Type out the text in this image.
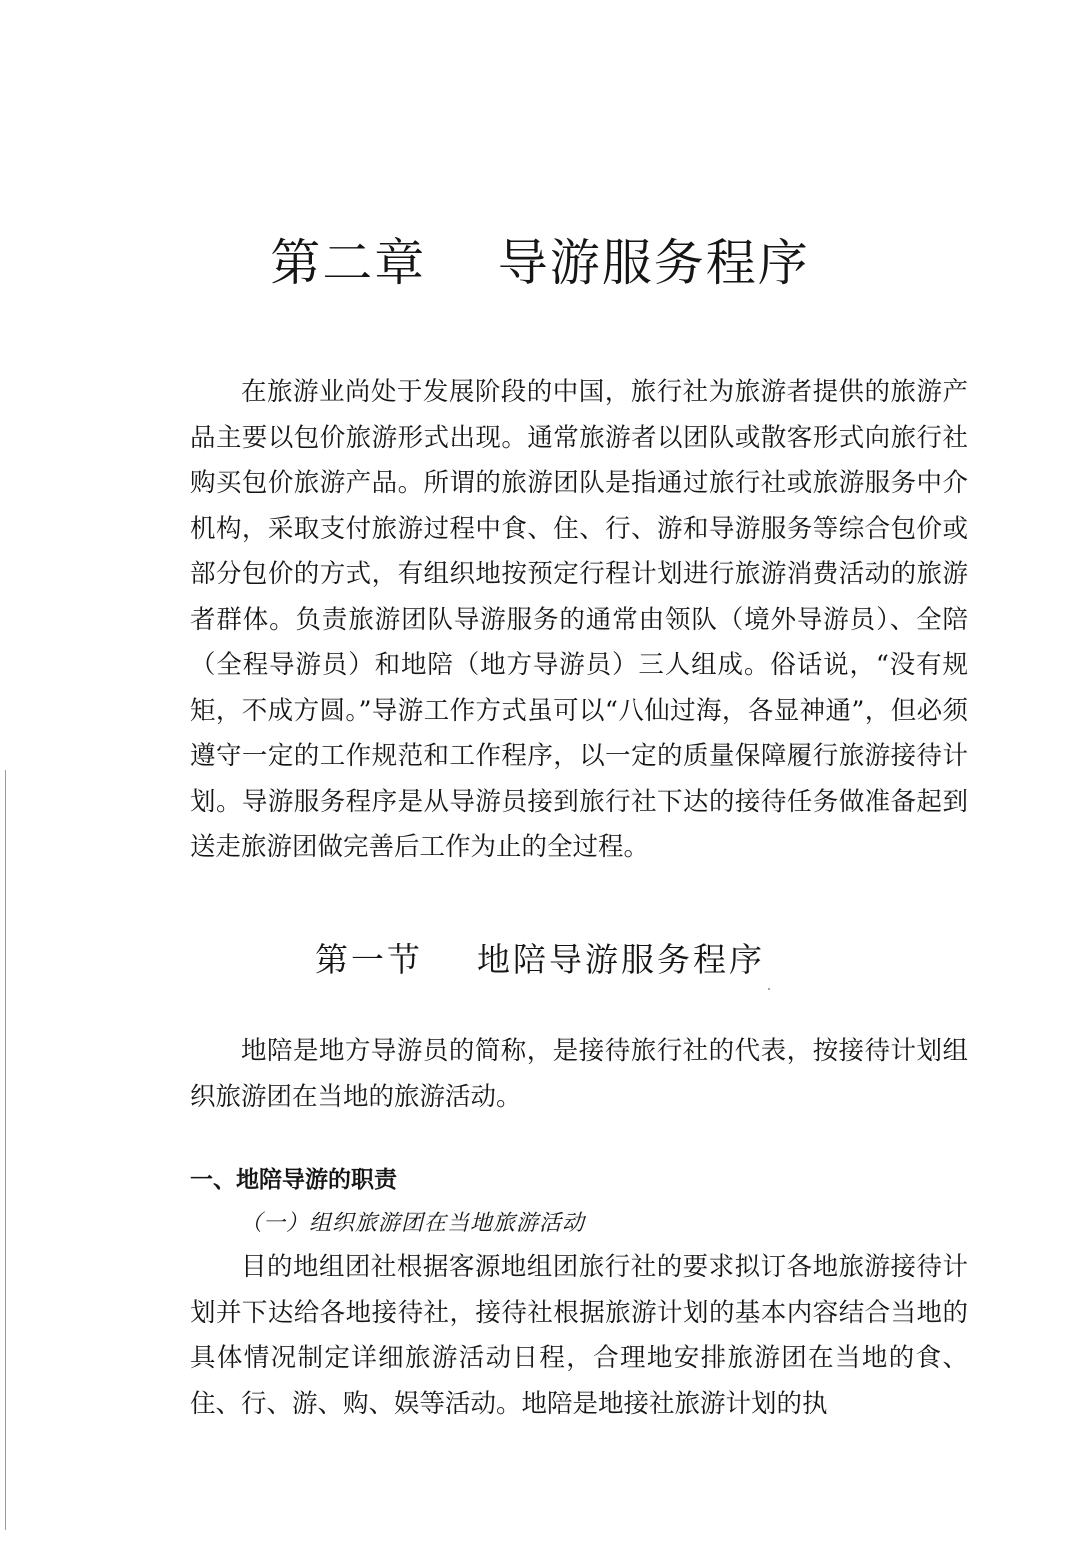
第二章    导游服务程序

在旅游业尚处于发展阶段的中国，旅行社为旅游者提供的旅游产品主要以包价旅游形式出现。通常旅游者以团队或散客形式向旅行社购买包价旅游产品。所谓的旅游团队是指通过旅行社或旅游服务中介机构，采取支付旅游过程中食、住、行、游和导游服务等综合包价或部分包价的方式，有组织地按预定行程计划进行旅游消费活动的旅游者群体。负责旅游团队导游服务的通常由领队（境外导游员）、全陪（全程导游员）和地陪（地方导游员）三人组成。俗话说，“没有规矩，不成方圆。”导游工作方式虽可以“八仙过海，各显神通”，但必须遵守一定的工作规范和工作程序，以一定的质量保障履行旅游接待计划。导游服务程序是从导游员接到旅行社下达的接待任务做准备起到送走旅游团做完善后工作为止的全过程。

第一节    地陪导游服务程序

地陪是地方导游员的简称，是接待旅行社的代表，按接待计划组织旅游团在当地的旅游活动。

一、地陪导游的职责
（一）组织旅游团在当地旅游活动

目的地组团社根据客源地组团旅行社的要求拟订各地旅游接待计划并下达给各地接待社，接待社根据旅游计划的基本内容结合当地的具体情况制定详细旅游活动日程，合理地安排旅游团在当地的食、住、行、游、购、娱等活动。地陪是地接社旅游计划的执
